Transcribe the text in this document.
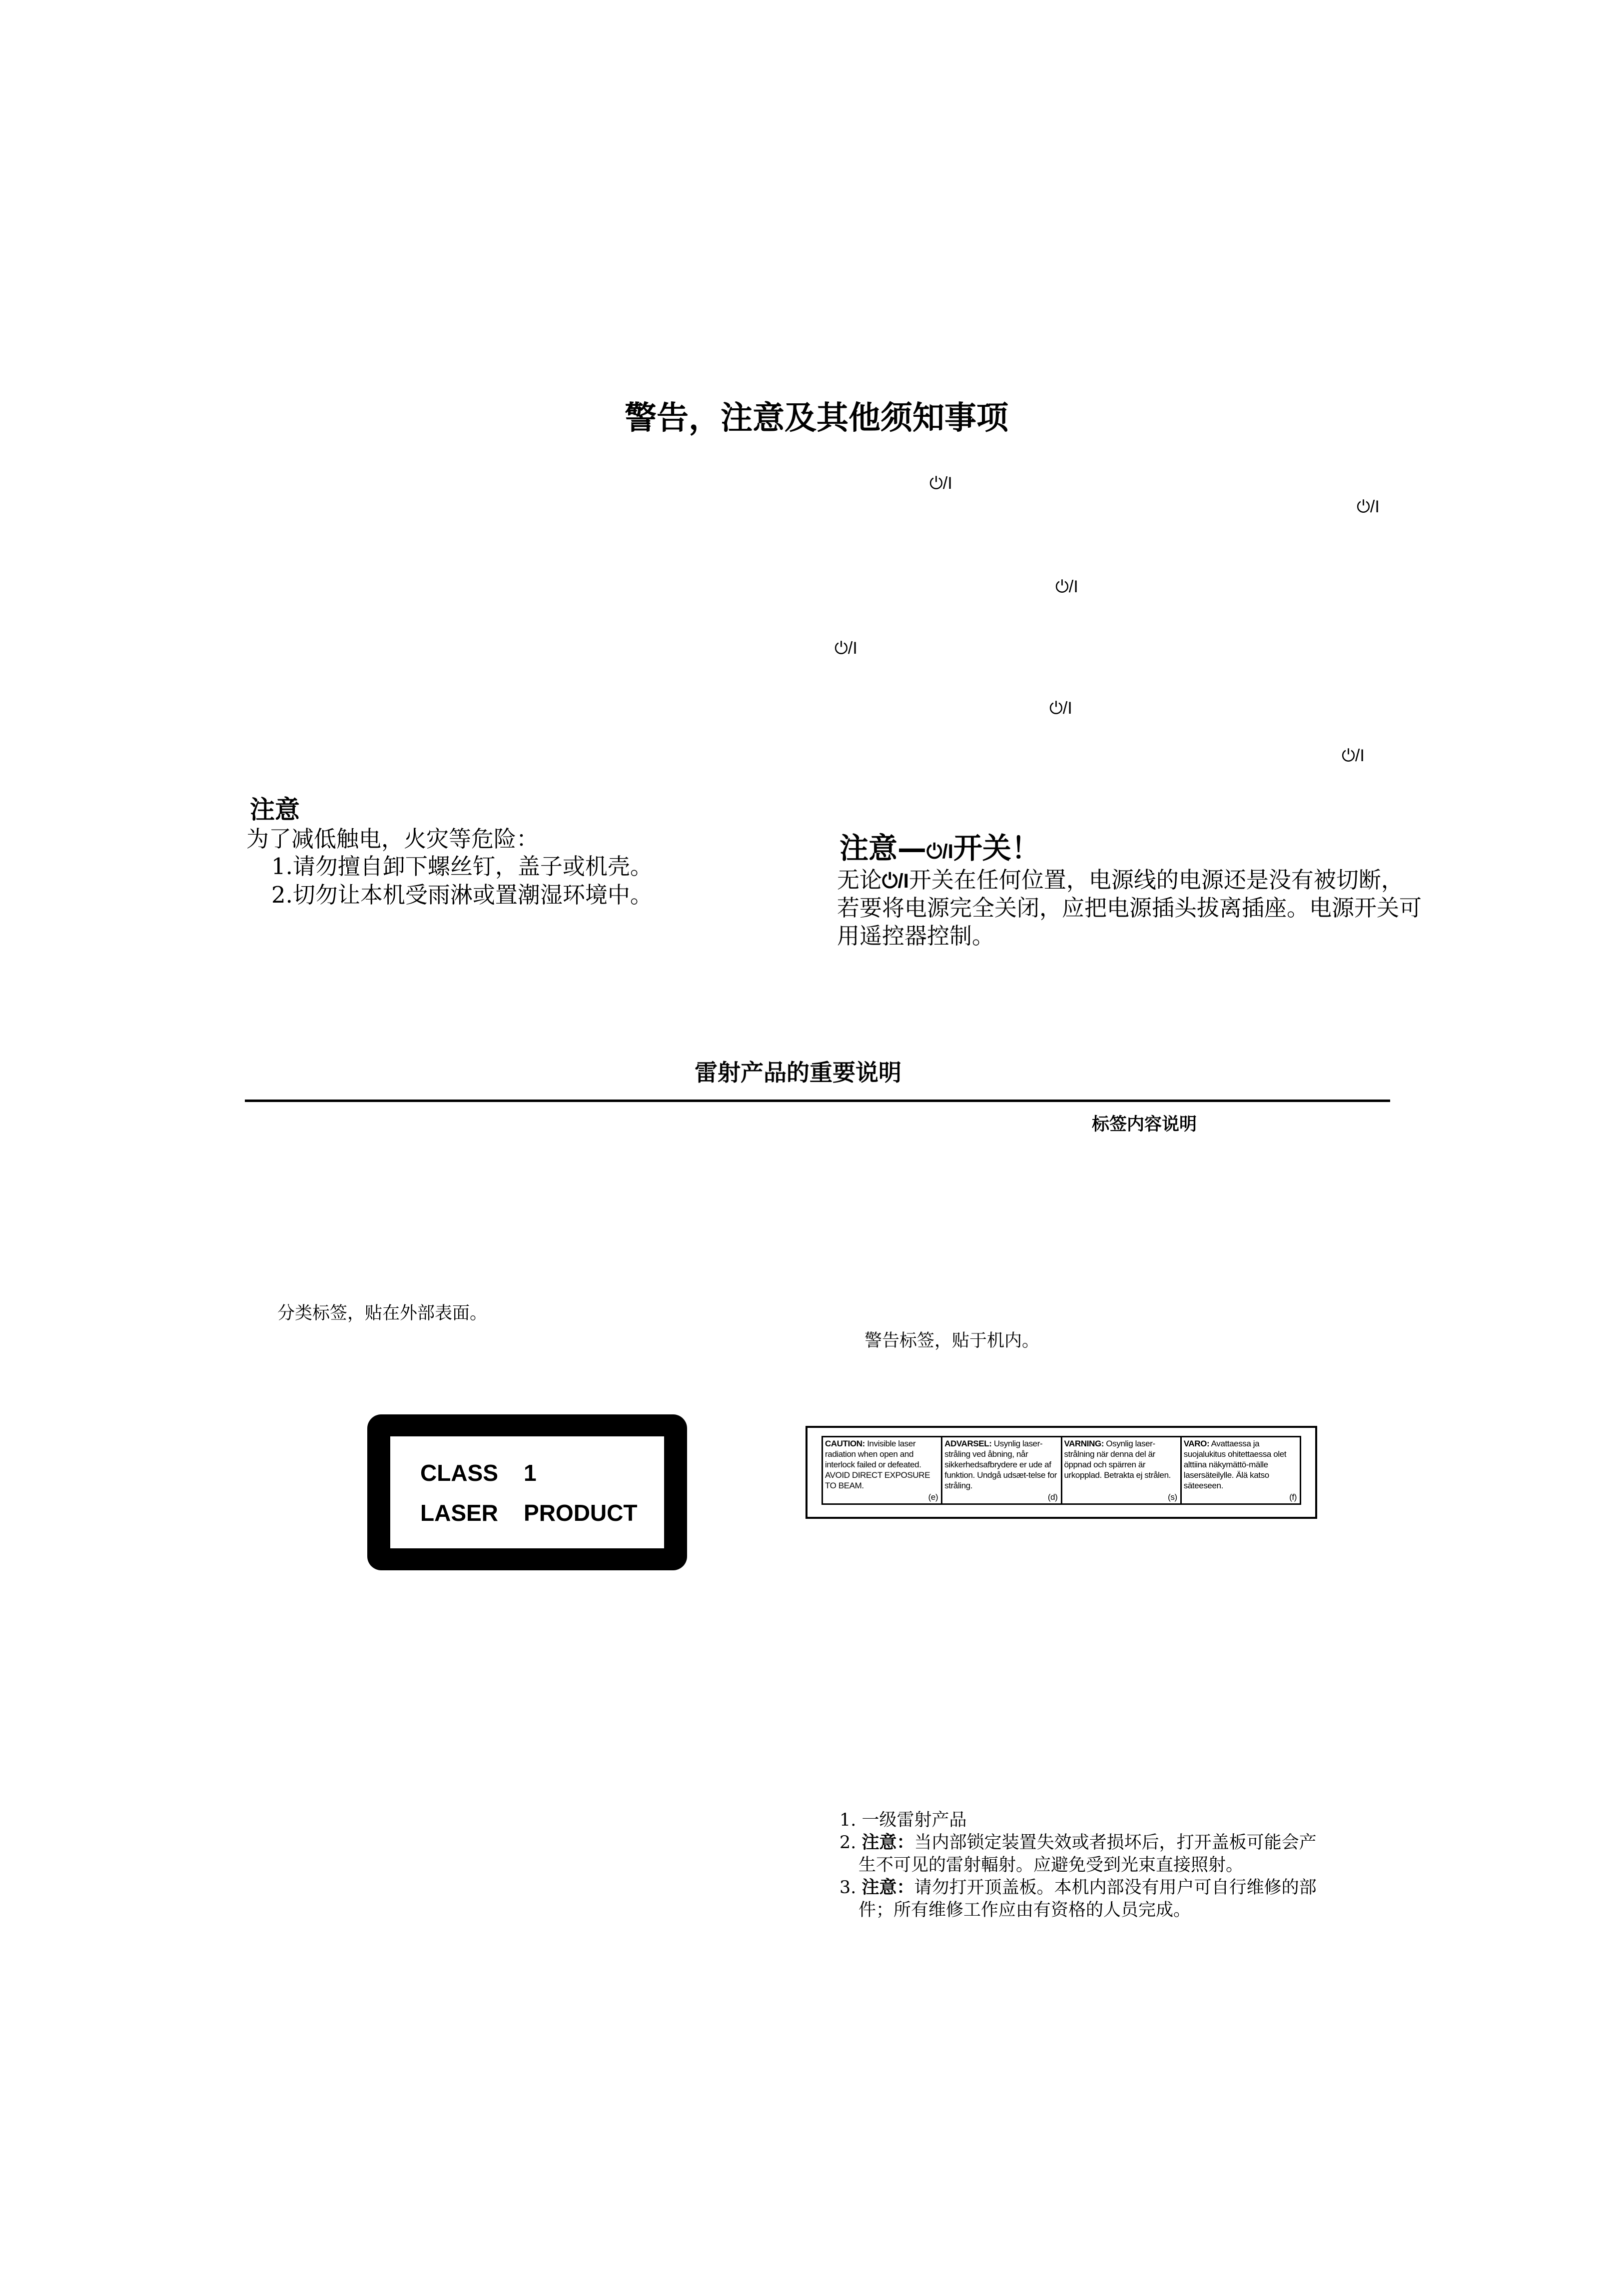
警告，注意及其他须知事项
⏻/I
⏻/I
⏻/I
⏻/I
⏻/I
⏻/I
注意
为了减低触电，火灾等危险：
1.请勿擅自卸下螺丝钉，盖子或机壳。
2.切勿让本机受雨淋或置潮湿环境中。
注意—⏻/I开关！
无论⏻/I开关在任何位置，电源线的电源还是没有被切断，
若要将电源完全关闭，应把电源插头拔离插座。电源开关可
用遥控器控制。
雷射产品的重要说明
标签内容说明
分类标签，贴在外部表面。
警告标签，贴于机内。
CLASS    1
LASER    PRODUCT
CAUTION: Invisible laser radiation when open and interlock failed or defeated. AVOID DIRECT EXPOSURE TO BEAM.
(e)
ADVARSEL: Usynlig laser-stråling ved åbning, når sikkerhedsafbrydere er ude af funktion. Undgå udsæt-telse for stråling.
(d)
VARNING: Osynlig laser-strålning när denna del är öppnad och spärren är urkopplad. Betrakta ej strålen.
(s)
VARO: Avattaessa ja suojalukitus ohitettaessa olet alttiina näkymättö-mälle lasersäteilylle. Älä katso säteeseen.
(f)
1. 一级雷射产品
2. 注意：当内部锁定装置失效或者损坏后，打开盖板可能会产
生不可见的雷射輻射。应避免受到光束直接照射。
3. 注意：请勿打开顶盖板。本机内部没有用户可自行维修的部
件；所有维修工作应由有资格的人员完成。
